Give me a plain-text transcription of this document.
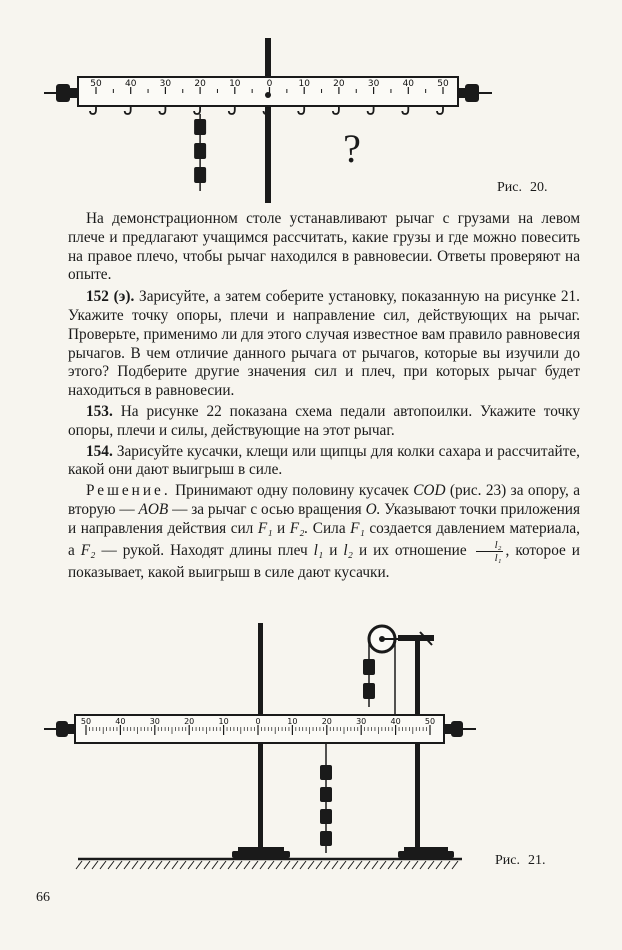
50	40	30	20	10	0	10	20	30	40	50
?
Рис. 20.

На демонстрационном столе устанавливают рычаг с грузами на левом плече и предлагают учащимся рассчитать, какие грузы и где можно повесить на правое плечо, чтобы рычаг находился в равновесии. Ответы проверяют на опыте.

152 (э). Зарисуйте, а затем соберите установку, показанную на рисунке 21. Укажите точку опоры, плечи и направление сил, действующих на рычаг. Проверьте, применимо ли для этого случая известное вам правило равновесия рычагов. В чем отличие данного рычага от рычагов, которые вы изучили до этого? Подберите другие значения сил и плеч, при которых рычаг будет находиться в равновесии.

153. На рисунке 22 показана схема педали автопоилки. Укажите точку опоры, плечи и силы, действующие на этот рычаг.

154. Зарисуйте кусачки, клещи или щипцы для колки сахара и рассчитайте, какой они дают выигрыш в силе.

Решение. Принимают одну половину кусачек COD (рис. 23) за опору, а вторую — AOB — за рычаг с осью вращения O. Указывают точки приложения и направления действия сил F₁ и F₂. Сила F₁ создается давлением материала, а F₂ — рукой. Находят длины плеч l₁ и l₂ и их отношение $\frac{\text{l₂}}{\text{l₁}}$ , которое и показывает, какой выигрыш в силе дают кусачки.

50	40	30	20	10	0	10	20	30	40	50
Рис. 21.
66
